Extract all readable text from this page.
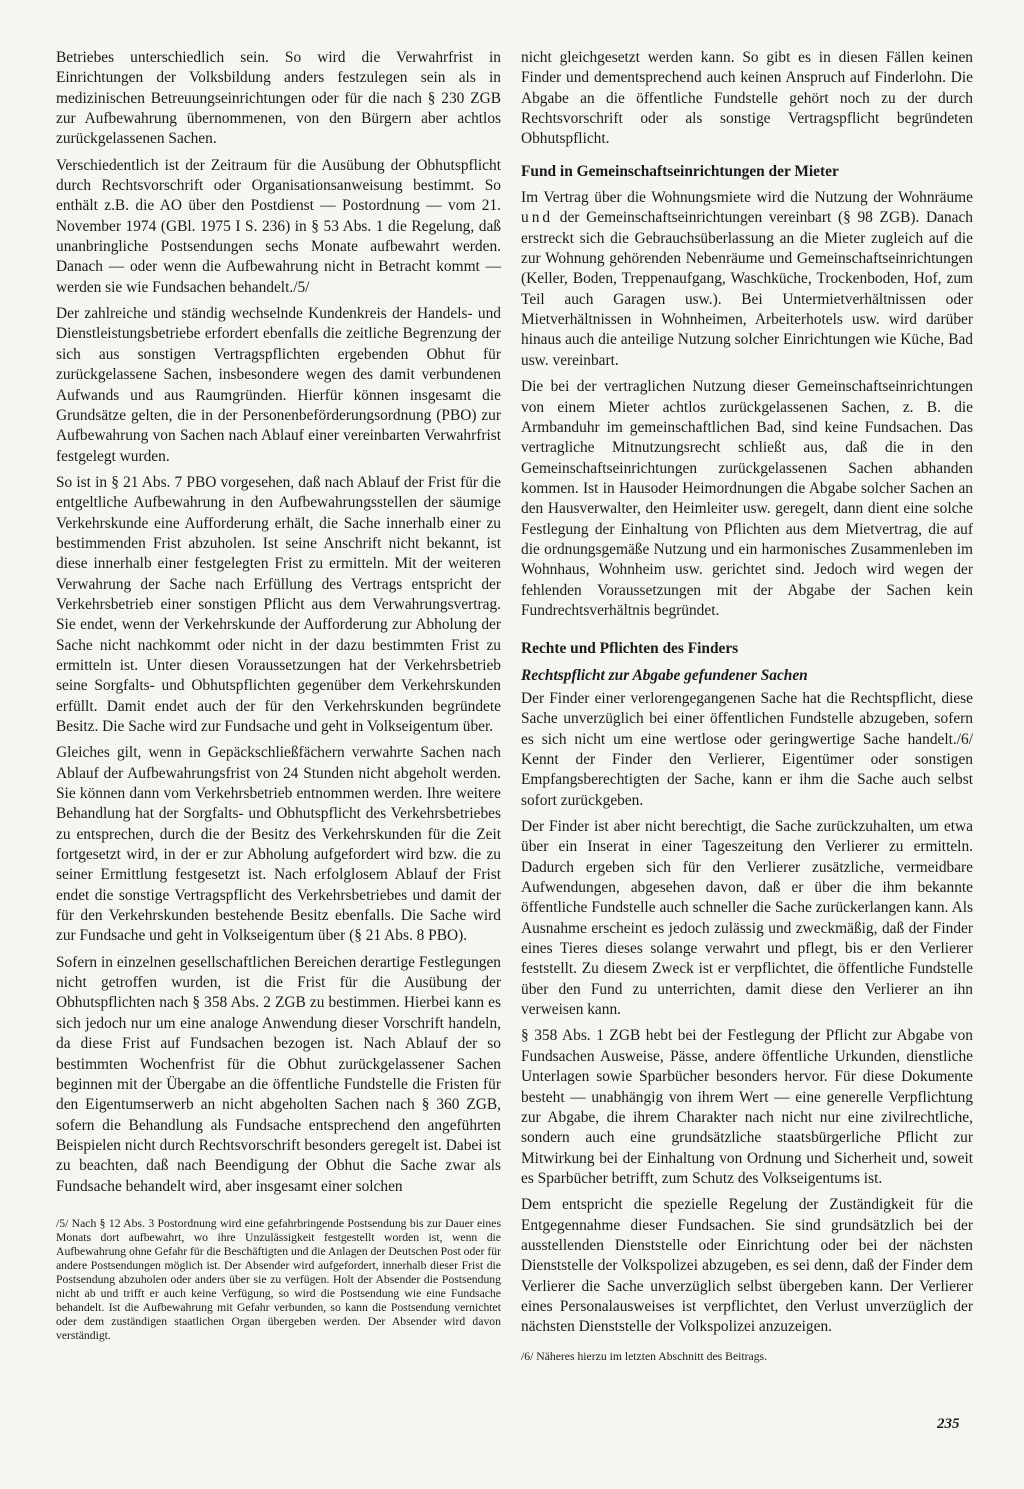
Betriebes unterschiedlich sein. So wird die Verwahrfrist in Einrichtungen der Volksbildung anders festzulegen sein als in medizinischen Betreuungseinrichtungen oder für die nach § 230 ZGB zur Aufbewahrung übernommenen, von den Bürgern aber achtlos zurückgelassenen Sachen.

Verschiedentlich ist der Zeitraum für die Ausübung der Obhutspflicht durch Rechtsvorschrift oder Organisationsanweisung bestimmt. So enthält z.B. die AO über den Postdienst — Postordnung — vom 21. November 1974 (GBl. 1975 I S. 236) in § 53 Abs. 1 die Regelung, daß unanbringliche Postsendungen sechs Monate aufbewahrt werden. Danach — oder wenn die Aufbewahrung nicht in Betracht kommt — werden sie wie Fundsachen behandelt./5/

Der zahlreiche und ständig wechselnde Kundenkreis der Handels- und Dienstleistungsbetriebe erfordert ebenfalls die zeitliche Begrenzung der sich aus sonstigen Vertragspflichten ergebenden Obhut für zurückgelassene Sachen, insbesondere wegen des damit verbundenen Aufwands und aus Raumgründen. Hierfür können insgesamt die Grundsätze gelten, die in der Personenbeförderungsordnung (PBO) zur Aufbewahrung von Sachen nach Ablauf einer vereinbarten Verwahrfrist festgelegt wurden.

So ist in § 21 Abs. 7 PBO vorgesehen, daß nach Ablauf der Frist für die entgeltliche Aufbewahrung in den Aufbewahrungsstellen der säumige Verkehrskunde eine Aufforderung erhält, die Sache innerhalb einer zu bestimmenden Frist abzuholen. Ist seine Anschrift nicht bekannt, ist diese innerhalb einer festgelegten Frist zu ermitteln. Mit der weiteren Verwahrung der Sache nach Erfüllung des Vertrags entspricht der Verkehrsbetrieb einer sonstigen Pflicht aus dem Verwahrungsvertrag. Sie endet, wenn der Verkehrskunde der Aufforderung zur Abholung der Sache nicht nachkommt oder nicht in der dazu bestimmten Frist zu ermitteln ist. Unter diesen Voraussetzungen hat der Verkehrsbetrieb seine Sorgfalts- und Obhutspflichten gegenüber dem Verkehrskunden erfüllt. Damit endet auch der für den Verkehrskunden begründete Besitz. Die Sache wird zur Fundsache und geht in Volkseigentum über.

Gleiches gilt, wenn in Gepäckschließfächern verwahrte Sachen nach Ablauf der Aufbewahrungsfrist von 24 Stunden nicht abgeholt werden. Sie können dann vom Verkehrsbetrieb entnommen werden. Ihre weitere Behandlung hat der Sorgfalts- und Obhutspflicht des Verkehrsbetriebes zu entsprechen, durch die der Besitz des Verkehrskunden für die Zeit fortgesetzt wird, in der er zur Abholung aufgefordert wird bzw. die zu seiner Ermittlung festgesetzt ist. Nach erfolglosem Ablauf der Frist endet die sonstige Vertragspflicht des Verkehrsbetriebes und damit der für den Verkehrskunden bestehende Besitz ebenfalls. Die Sache wird zur Fundsache und geht in Volkseigentum über (§ 21 Abs. 8 PBO).

Sofern in einzelnen gesellschaftlichen Bereichen derartige Festlegungen nicht getroffen wurden, ist die Frist für die Ausübung der Obhutspflichten nach § 358 Abs. 2 ZGB zu bestimmen. Hierbei kann es sich jedoch nur um eine analoge Anwendung dieser Vorschrift handeln, da diese Frist auf Fundsachen bezogen ist. Nach Ablauf der so bestimmten Wochenfrist für die Obhut zurückgelassener Sachen beginnen mit der Übergabe an die öffentliche Fundstelle die Fristen für den Eigentumserwerb an nicht abgeholten Sachen nach § 360 ZGB, sofern die Behandlung als Fundsache entsprechend den angeführten Beispielen nicht durch Rechtsvorschrift besonders geregelt ist. Dabei ist zu beachten, daß nach Beendigung der Obhut die Sache zwar als Fundsache behandelt wird, aber insgesamt einer solchen

/5/ Nach § 12 Abs. 3 Postordnung wird eine gefahrbringende Postsendung bis zur Dauer eines Monats dort aufbewahrt, wo ihre Unzulässigkeit festgestellt worden ist, wenn die Aufbewahrung ohne Gefahr für die Beschäftigten und die Anlagen der Deutschen Post oder für andere Postsendungen möglich ist. Der Absender wird aufgefordert, innerhalb dieser Frist die Postsendung abzuholen oder anders über sie zu verfügen. Holt der Absender die Postsendung nicht ab und trifft er auch keine Verfügung, so wird die Postsendung wie eine Fundsache behandelt. Ist die Aufbewahrung mit Gefahr verbunden, so kann die Postsendung vernichtet oder dem zuständigen staatlichen Organ übergeben werden. Der Absender wird davon verständigt.

nicht gleichgesetzt werden kann. So gibt es in diesen Fällen keinen Finder und dementsprechend auch keinen Anspruch auf Finderlohn. Die Abgabe an die öffentliche Fundstelle gehört noch zu der durch Rechtsvorschrift oder als sonstige Vertragspflicht begründeten Obhutspflicht.

Fund in Gemeinschaftseinrichtungen der Mieter

Im Vertrag über die Wohnungsmiete wird die Nutzung der Wohnräume und der Gemeinschaftseinrichtungen vereinbart (§ 98 ZGB). Danach erstreckt sich die Gebrauchsüberlassung an die Mieter zugleich auf die zur Wohnung gehörenden Nebenräume und Gemeinschaftseinrichtungen (Keller, Boden, Treppenaufgang, Waschküche, Trockenboden, Hof, zum Teil auch Garagen usw.). Bei Untermietverhältnissen oder Mietverhältnissen in Wohnheimen, Arbeiterhotels usw. wird darüber hinaus auch die anteilige Nutzung solcher Einrichtungen wie Küche, Bad usw. vereinbart.

Die bei der vertraglichen Nutzung dieser Gemeinschaftseinrichtungen von einem Mieter achtlos zurückgelassenen Sachen, z. B. die Armbanduhr im gemeinschaftlichen Bad, sind keine Fundsachen. Das vertragliche Mitnutzungsrecht schließt aus, daß die in den Gemeinschaftseinrichtungen zurückgelassenen Sachen abhanden kommen. Ist in Hausoder Heimordnungen die Abgabe solcher Sachen an den Hausverwalter, den Heimleiter usw. geregelt, dann dient eine solche Festlegung der Einhaltung von Pflichten aus dem Mietvertrag, die auf die ordnungsgemäße Nutzung und ein harmonisches Zusammenleben im Wohnhaus, Wohnheim usw. gerichtet sind. Jedoch wird wegen der fehlenden Voraussetzungen mit der Abgabe der Sachen kein Fundrechtsverhältnis begründet.

Rechte und Pflichten des Finders
Rechtspflicht zur Abgabe gefundener Sachen

Der Finder einer verlorengegangenen Sache hat die Rechtspflicht, diese Sache unverzüglich bei einer öffentlichen Fundstelle abzugeben, sofern es sich nicht um eine wertlose oder geringwertige Sache handelt./6/ Kennt der Finder den Verlierer, Eigentümer oder sonstigen Empfangsberechtigten der Sache, kann er ihm die Sache auch selbst sofort zurückgeben.

Der Finder ist aber nicht berechtigt, die Sache zurückzuhalten, um etwa über ein Inserat in einer Tageszeitung den Verlierer zu ermitteln. Dadurch ergeben sich für den Verlierer zusätzliche, vermeidbare Aufwendungen, abgesehen davon, daß er über die ihm bekannte öffentliche Fundstelle auch schneller die Sache zurückerlangen kann. Als Ausnahme erscheint es jedoch zulässig und zweckmäßig, daß der Finder eines Tieres dieses solange verwahrt und pflegt, bis er den Verlierer feststellt. Zu diesem Zweck ist er verpflichtet, die öffentliche Fundstelle über den Fund zu unterrichten, damit diese den Verlierer an ihn verweisen kann.

§ 358 Abs. 1 ZGB hebt bei der Festlegung der Pflicht zur Abgabe von Fundsachen Ausweise, Pässe, andere öffentliche Urkunden, dienstliche Unterlagen sowie Sparbücher besonders hervor. Für diese Dokumente besteht — unabhängig von ihrem Wert — eine generelle Verpflichtung zur Abgabe, die ihrem Charakter nach nicht nur eine zivilrechtliche, sondern auch eine grundsätzliche staatsbürgerliche Pflicht zur Mitwirkung bei der Einhaltung von Ordnung und Sicherheit und, soweit es Sparbücher betrifft, zum Schutz des Volkseigentums ist.

Dem entspricht die spezielle Regelung der Zuständigkeit für die Entgegennahme dieser Fundsachen. Sie sind grundsätzlich bei der ausstellenden Dienststelle oder Einrichtung oder bei der nächsten Dienststelle der Volkspolizei abzugeben, es sei denn, daß der Finder dem Verlierer die Sache unverzüglich selbst übergeben kann. Der Verlierer eines Personalausweises ist verpflichtet, den Verlust unverzüglich der nächsten Dienststelle der Volkspolizei anzuzeigen.

/6/ Näheres hierzu im letzten Abschnitt des Beitrags.

235
